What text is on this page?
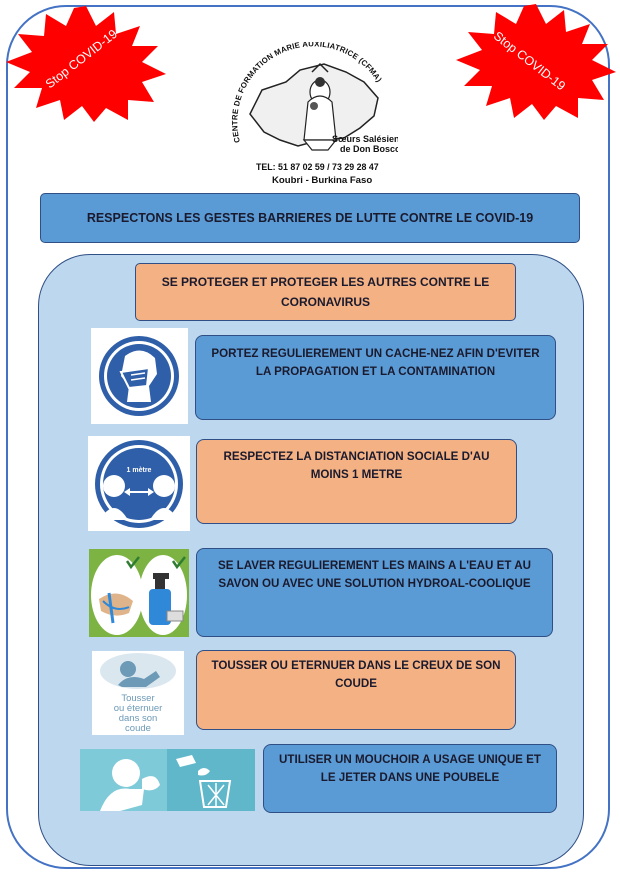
Stop COVID-19	Stop COVID-19
CENTRE DE FORMATION MARIE AUXILIATRICE (CFMA)
Sœurs Salésien
de Don Bosco
TEL: 51 87 02 59 / 73 29 28 47
Koubri - Burkina Faso
RESPECTONS LES GESTES BARRIERES DE LUTTE CONTRE LE COVID-19
SE PROTEGER ET PROTEGER LES AUTRES CONTRE LE CORONAVIRUS
PORTEZ REGULIEREMENT UN CACHE-NEZ AFIN D'EVITER LA PROPAGATION ET LA CONTAMINATION
1 mètre
RESPECTEZ LA DISTANCIATION SOCIALE D'AU MOINS 1 METRE
SE LAVER REGULIEREMENT LES MAINS A L'EAU ET AU SAVON OU AVEC UNE SOLUTION HYDROAL-COOLIQUE
Tousser
ou éternuer
dans son
coude
TOUSSER OU ETERNUER DANS LE CREUX DE SON COUDE
UTILISER UN MOUCHOIR A USAGE UNIQUE ET LE JETER DANS UNE POUBELE
